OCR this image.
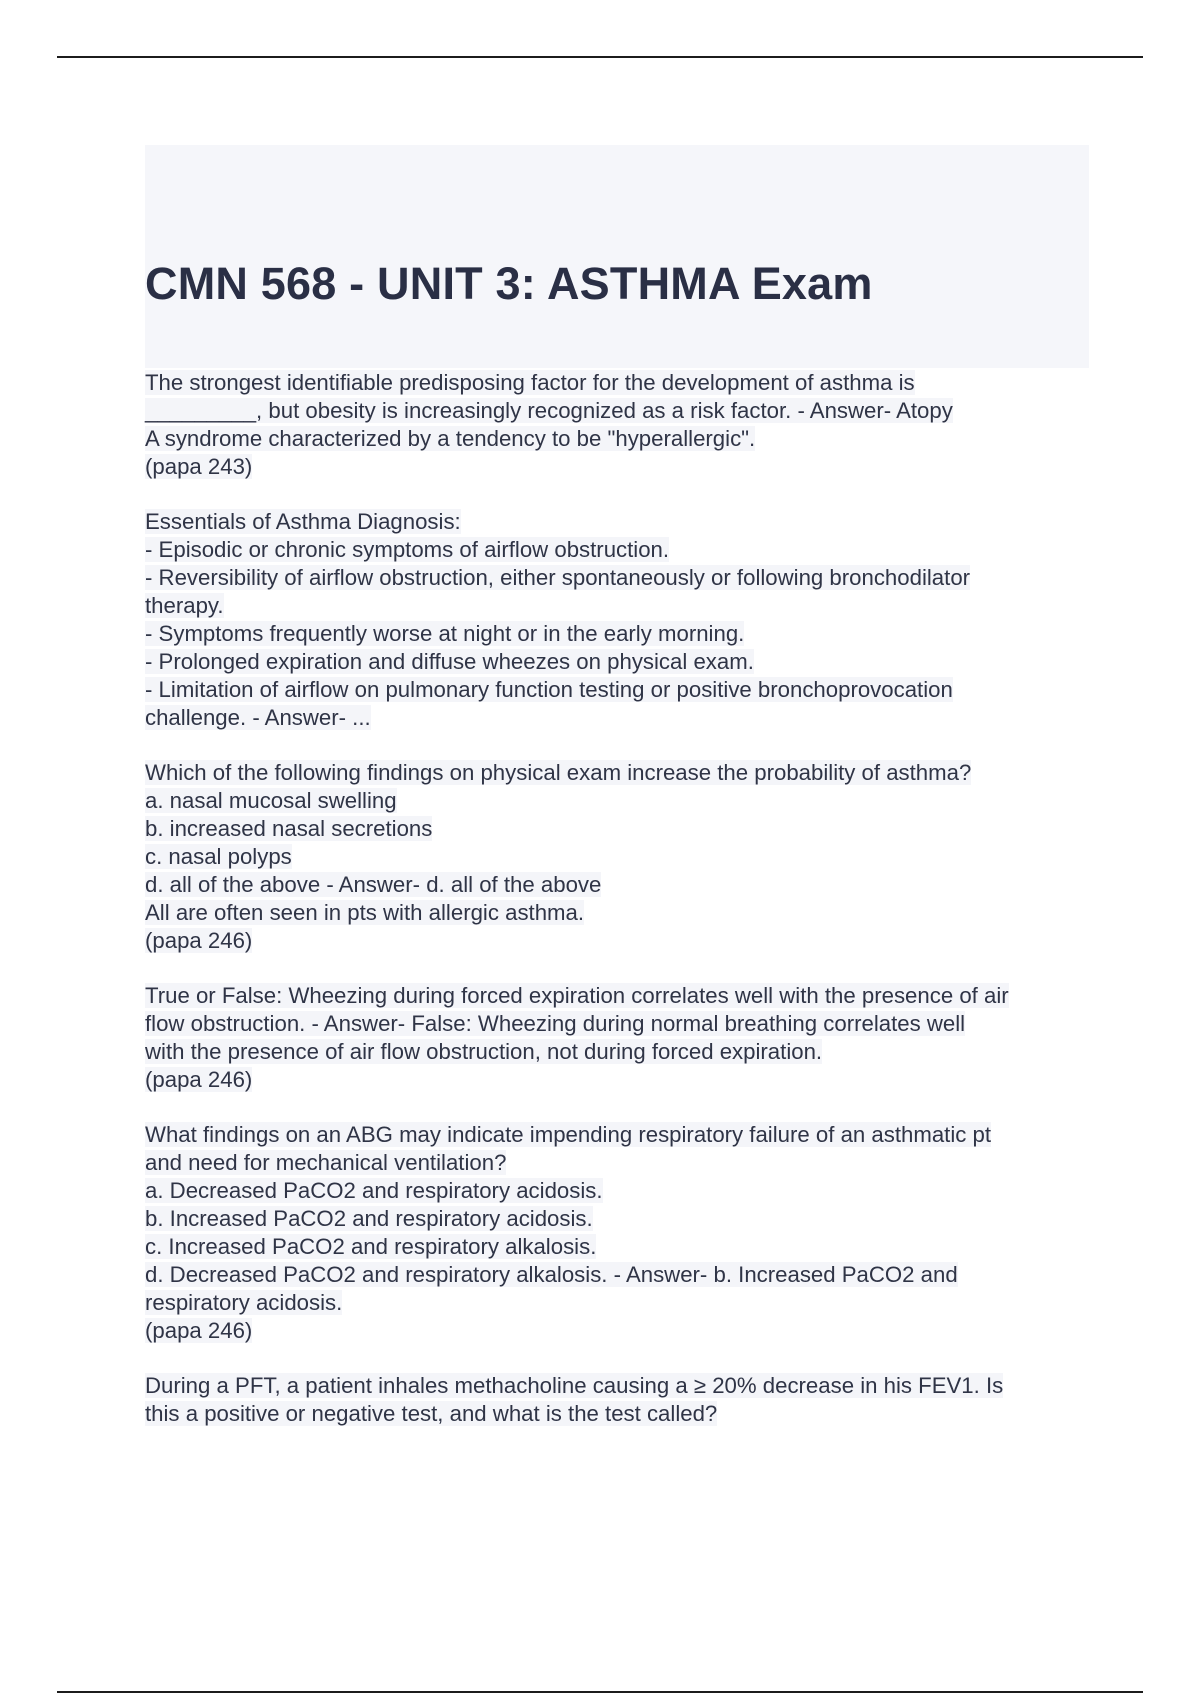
CMN 568 - UNIT 3: ASTHMA Exam
The strongest identifiable predisposing factor for the development of asthma is
_________, but obesity is increasingly recognized as a risk factor. - Answer- Atopy
A syndrome characterized by a tendency to be "hyperallergic".
(papa 243)
Essentials of Asthma Diagnosis:
- Episodic or chronic symptoms of airflow obstruction.
- Reversibility of airflow obstruction, either spontaneously or following bronchodilator
therapy.
- Symptoms frequently worse at night or in the early morning.
- Prolonged expiration and diffuse wheezes on physical exam.
- Limitation of airflow on pulmonary function testing or positive bronchoprovocation
challenge. - Answer- ...
Which of the following findings on physical exam increase the probability of asthma?
a. nasal mucosal swelling
b. increased nasal secretions
c. nasal polyps
d. all of the above - Answer- d. all of the above
All are often seen in pts with allergic asthma.
(papa 246)
True or False: Wheezing during forced expiration correlates well with the presence of air
flow obstruction. - Answer- False: Wheezing during normal breathing correlates well
with the presence of air flow obstruction, not during forced expiration.
(papa 246)
What findings on an ABG may indicate impending respiratory failure of an asthmatic pt
and need for mechanical ventilation?
a. Decreased PaCO2 and respiratory acidosis.
b. Increased PaCO2 and respiratory acidosis.
c. Increased PaCO2 and respiratory alkalosis.
d. Decreased PaCO2 and respiratory alkalosis. - Answer- b. Increased PaCO2 and
respiratory acidosis.
(papa 246)
During a PFT, a patient inhales methacholine causing a ≥ 20% decrease in his FEV1. Is
this a positive or negative test, and what is the test called?
